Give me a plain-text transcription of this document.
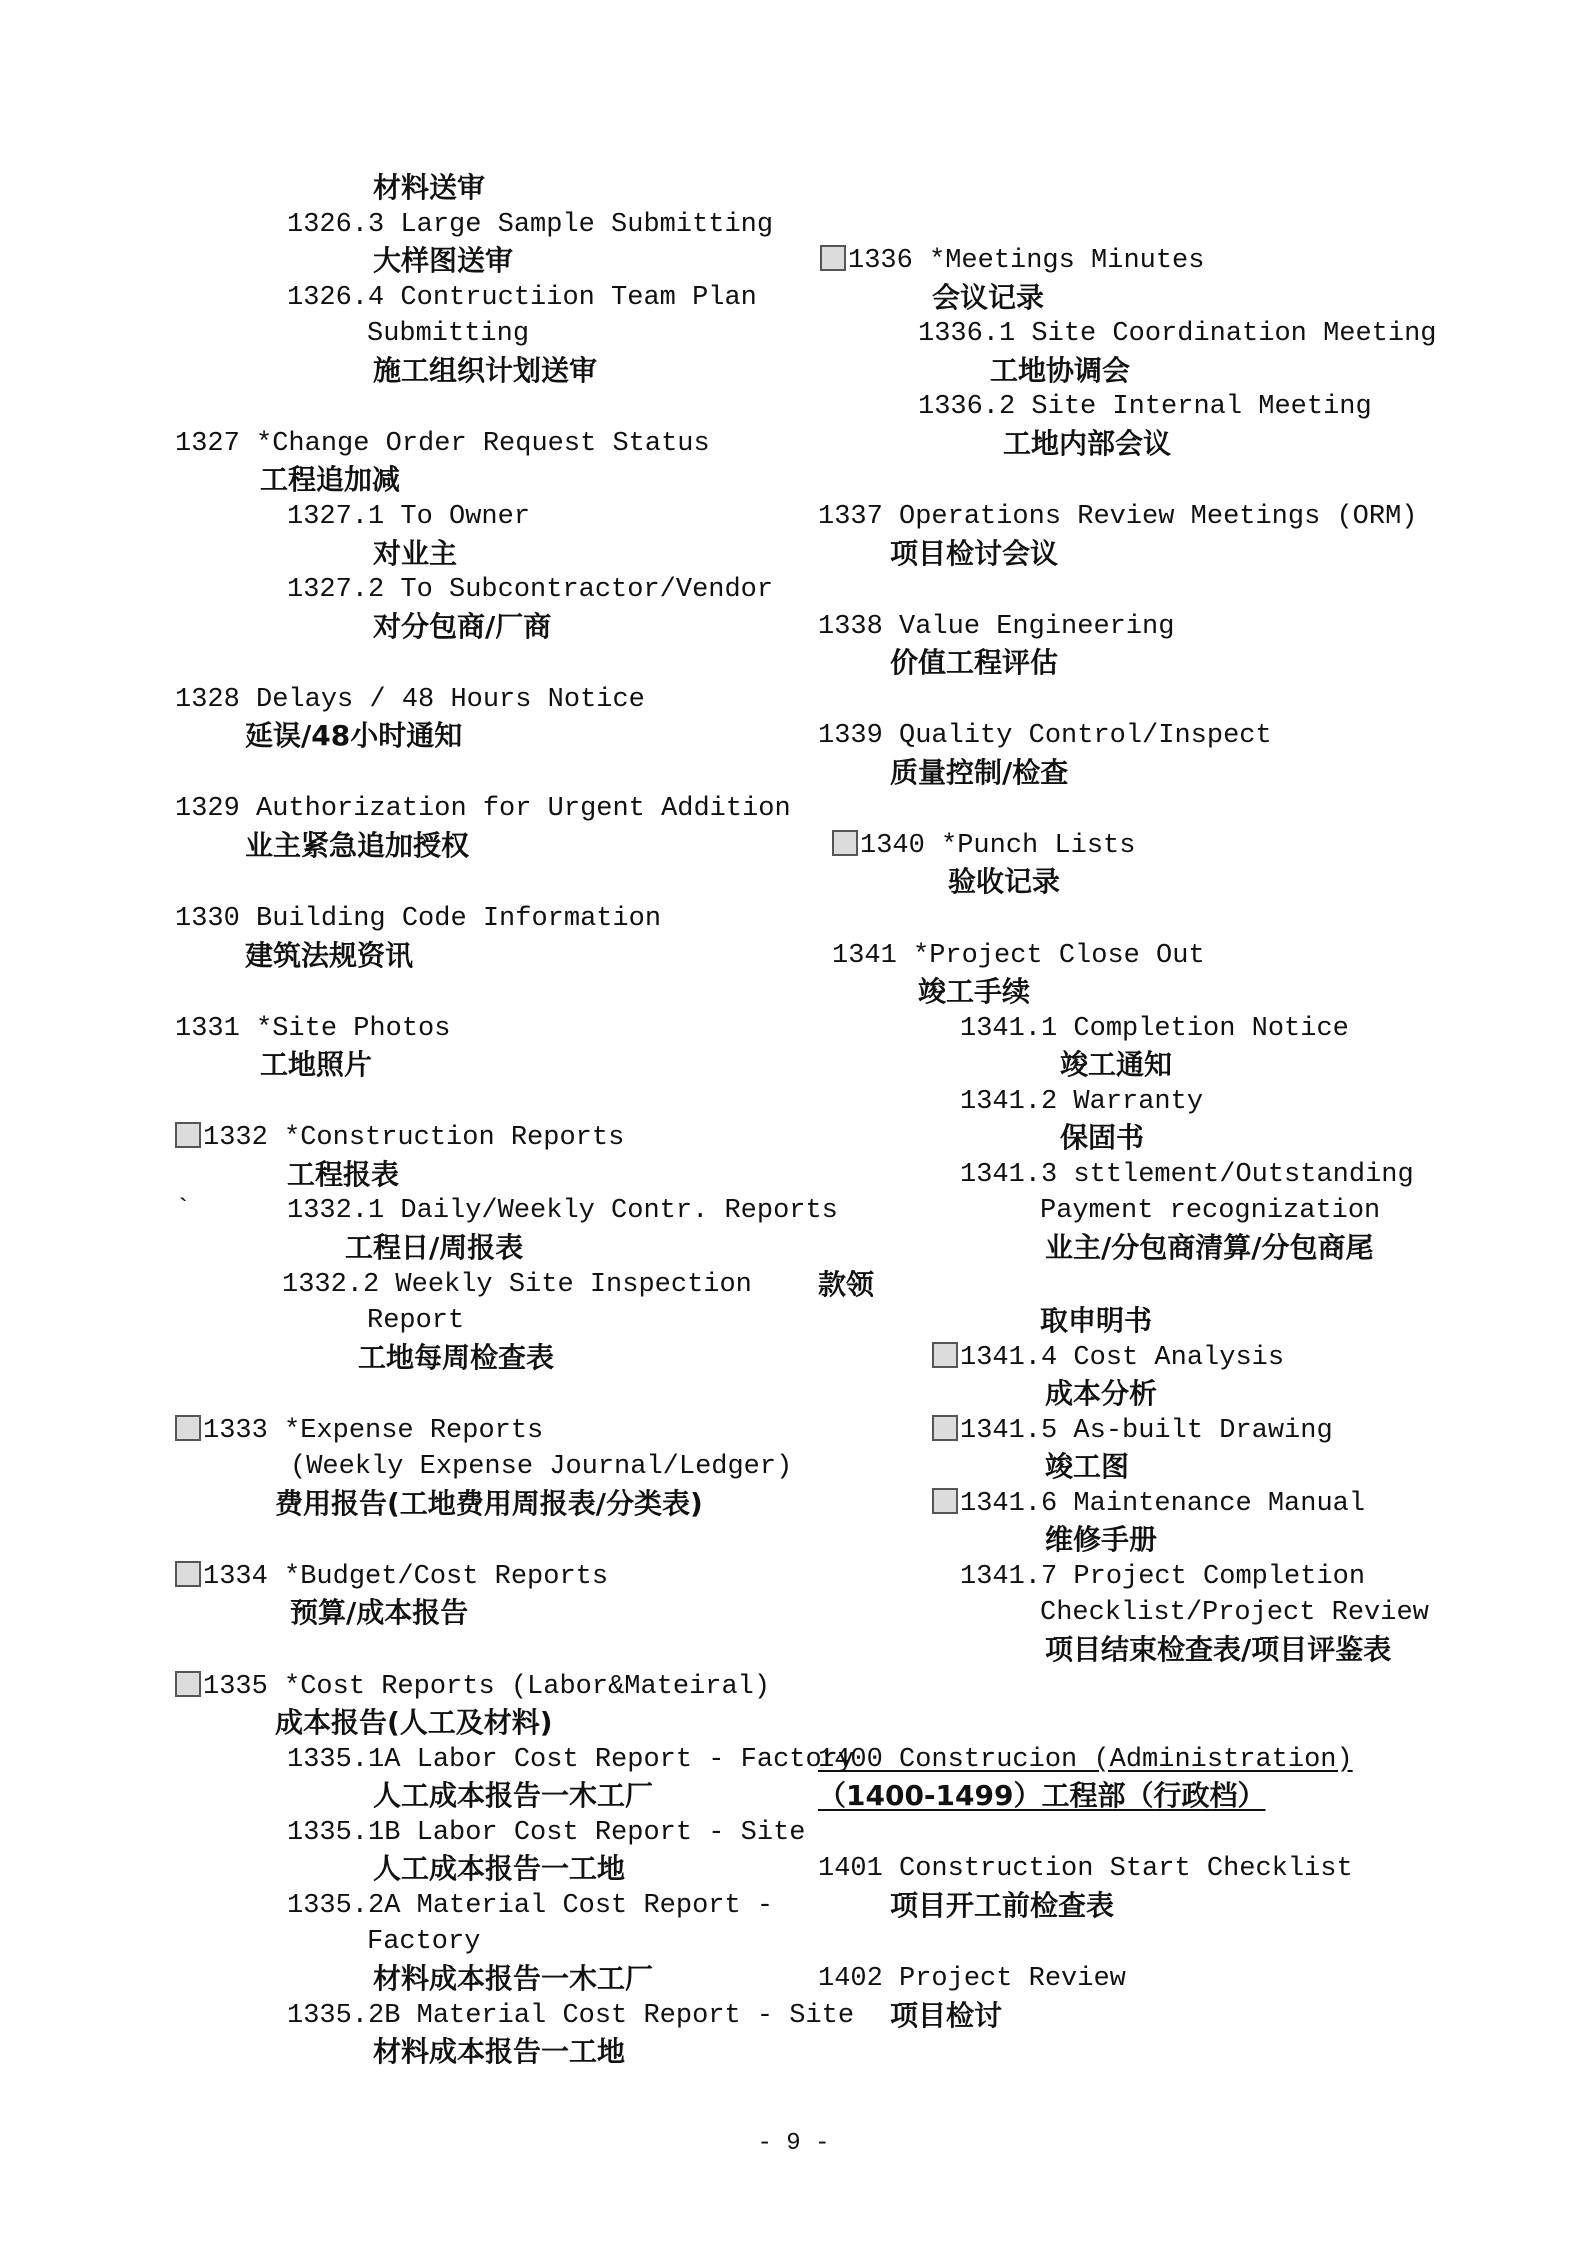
材料送审
1326.3 Large Sample Submitting
大样图送审
1326.4 Contructiion Team Plan
Submitting
施工组织计划送审
1327 *Change Order Request Status
工程追加减
1327.1 To Owner
对业主
1327.2 To Subcontractor/Vendor
对分包商/厂商
1328 Delays / 48 Hours Notice
延误/48小时通知
1329 Authorization for Urgent Addition
业主紧急追加授权
1330 Building Code Information
建筑法规资讯
1331 *Site Photos
工地照片
1332 *Construction Reports
工程报表
`	1332.1 Daily/Weekly Contr. Reports
工程日/周报表
1332.2 Weekly Site Inspection
Report
工地每周检查表
1333 *Expense Reports
(Weekly Expense Journal/Ledger)
费用报告(工地费用周报表/分类表)
1334 *Budget/Cost Reports
预算/成本报告
1335 *Cost Reports (Labor&Mateiral)
成本报告(人工及材料)
1335.1A Labor Cost Report - Factory
人工成本报告一木工厂
1335.1B Labor Cost Report - Site
人工成本报告一工地
1335.2A Material Cost Report -
Factory
材料成本报告一木工厂
1335.2B Material Cost Report - Site
材料成本报告一工地
1336 *Meetings Minutes
会议记录
1336.1 Site Coordination Meeting
工地协调会
1336.2 Site Internal Meeting
工地内部会议
1337 Operations Review Meetings (ORM)
项目检讨会议
1338 Value Engineering
价值工程评估
1339 Quality Control/Inspect
质量控制/检查
1340 *Punch Lists
验收记录
1341 *Project Close Out
竣工手续
1341.1 Completion Notice
竣工通知
1341.2 Warranty
保固书
1341.3 sttlement/Outstanding
Payment recognization
业主/分包商清算/分包商尾
款领
取申明书
1341.4 Cost Analysis
成本分析
1341.5 As-built Drawing
竣工图
1341.6 Maintenance Manual
维修手册
1341.7 Project Completion
Checklist/Project Review
项目结束检查表/项目评鉴表
1400 Construcion (Administration)
（1400-1499）工程部（行政档）
1401 Construction Start Checklist
项目开工前检查表
1402 Project Review
项目检讨
- 9 -
